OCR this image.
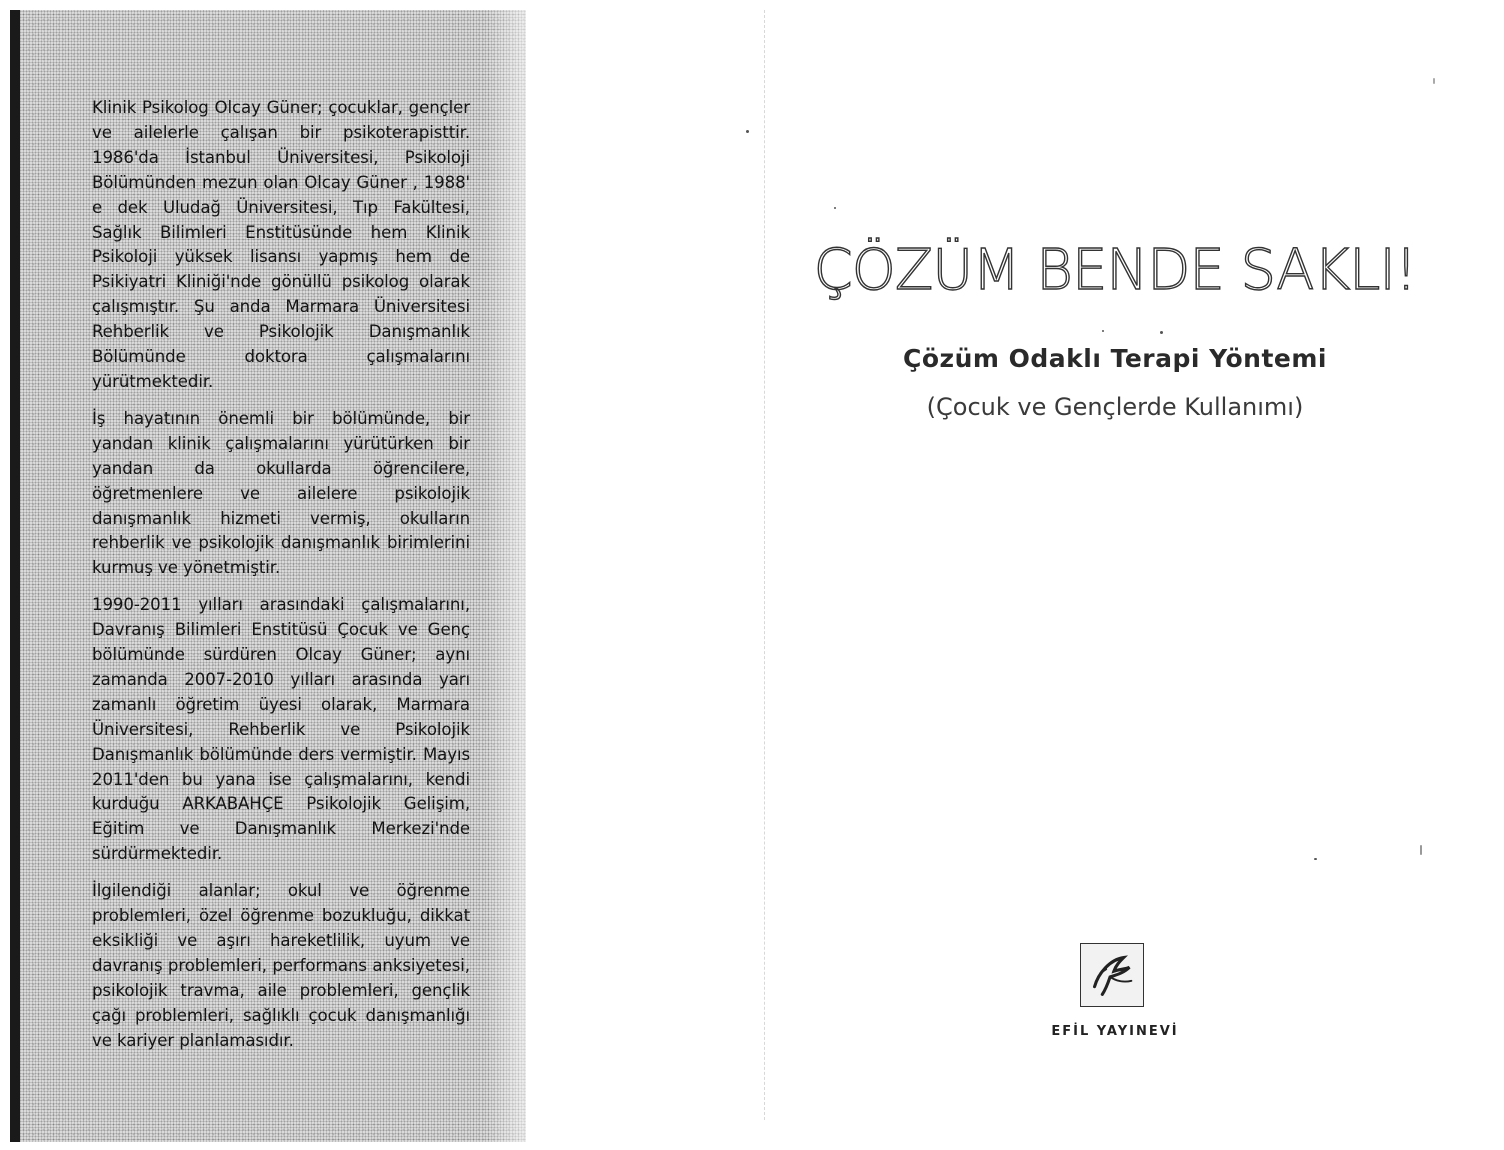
Klinik Psikolog Olcay Güner; çocuklar, gençler ve ailelerle çalışan bir psikoterapisttir. 1986'da İstanbul Üniversitesi, Psikoloji Bölümünden mezun olan Olcay Güner , 1988' e dek Uludağ Üniversitesi, Tıp Fakültesi, Sağlık Bilimleri Enstitüsünde hem Klinik Psikoloji yüksek lisansı yapmış hem de Psikiyatri Kliniği'nde gönüllü psikolog olarak çalışmıştır. Şu anda Marmara Üniversitesi Rehberlik ve Psikolojik Danışmanlık Bölümünde doktora çalışmalarını yürütmektedir.

İş hayatının önemli bir bölümünde, bir yandan klinik çalışmalarını yürütürken bir yandan da okullarda öğrencilere, öğretmenlere ve ailelere psikolojik danışmanlık hizmeti vermiş, okulların rehberlik ve psikolojik danışmanlık birimlerini kurmuş ve yönetmiştir.

1990-2011 yılları arasındaki çalışmalarını, Davranış Bilimleri Enstitüsü Çocuk ve Genç bölümünde sürdüren Olcay Güner; aynı zamanda 2007-2010 yılları arasında yarı zamanlı öğretim üyesi olarak, Marmara Üniversitesi, Rehberlik ve Psikolojik Danışmanlık bölümünde ders vermiştir. Mayıs 2011'den bu yana ise çalışmalarını, kendi kurduğu ARKABAHÇE Psikolojik Gelişim, Eğitim ve Danışmanlık Merkezi'nde sürdürmektedir.

İlgilendiği alanlar; okul ve öğrenme problemleri, özel öğrenme bozukluğu, dikkat eksikliği ve aşırı hareketlilik, uyum ve davranış problemleri, performans anksiyetesi, psikolojik travma, aile problemleri, gençlik çağı problemleri, sağlıklı çocuk danışmanlığı ve kariyer planlamasıdır.

ÇÖZÜM BENDE SAKLI!
Çözüm Odaklı Terapi Yöntemi
(Çocuk ve Gençlerde Kullanımı)
EFİL YAYINEVİ
